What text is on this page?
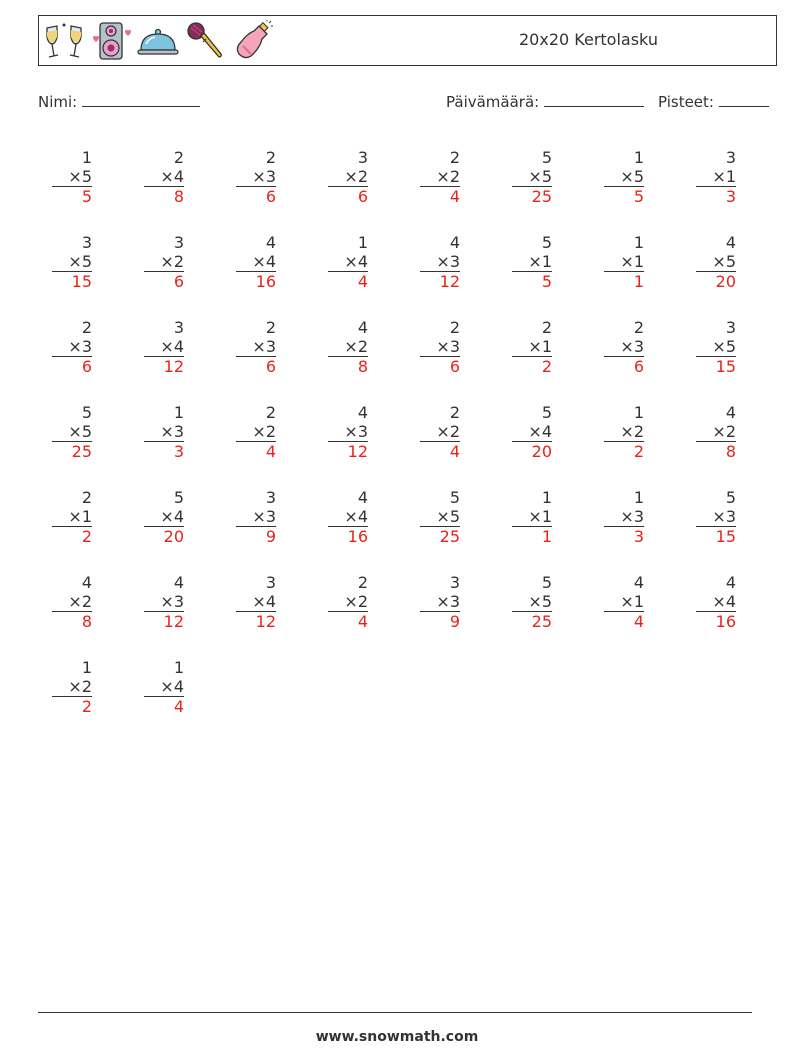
20x20 Kertolasku
Nimi:	Päivämäärä:	Pisteet:
1
×5
5
2
×4
8
2
×3
6
3
×2
6
2
×2
4
5
×5
25
1
×5
5
3
×1
3
3
×5
15
3
×2
6
4
×4
16
1
×4
4
4
×3
12
5
×1
5
1
×1
1
4
×5
20
2
×3
6
3
×4
12
2
×3
6
4
×2
8
2
×3
6
2
×1
2
2
×3
6
3
×5
15
5
×5
25
1
×3
3
2
×2
4
4
×3
12
2
×2
4
5
×4
20
1
×2
2
4
×2
8
2
×1
2
5
×4
20
3
×3
9
4
×4
16
5
×5
25
1
×1
1
1
×3
3
5
×3
15
4
×2
8
4
×3
12
3
×4
12
2
×2
4
3
×3
9
5
×5
25
4
×1
4
4
×4
16
1
×2
2
1
×4
4
www.snowmath.com
